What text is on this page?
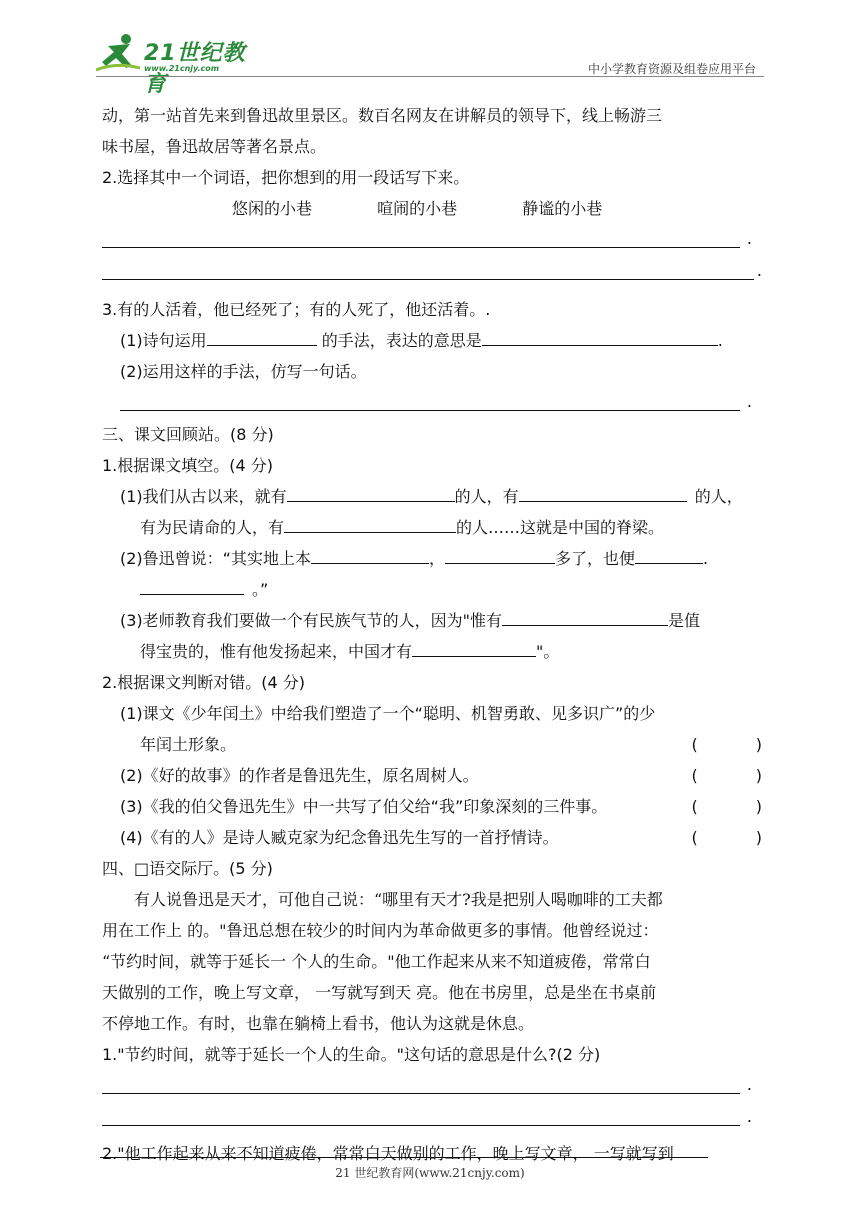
21世纪教育
www.21cnjy.com	中小学教育资源及组卷应用平台
动，第一站首先来到鲁迅故里景区。数百名网友在讲解员的领导下，线上畅游三
味书屋，鲁迅故居等著名景点。
2.选择其中一个词语，把你想到的用一段话写下来。
悠闲的小巷	喧闹的小巷	静谧的小巷
.
.
3.有的人活着，他已经死了；有的人死了，他还活着。.
(1)诗句运用	的手法，表达的意思是	.
(2)运用这样的手法，仿写一句话。
.
三、课文回顾站。(8 分)
1.根据课文填空。(4 分)
(1)我们从古以来，就有	的人，有	的人，
有为民请命的人，有	的人……这就是中国的脊梁。
(2)鲁迅曾说：“其实地上本	，	多了，也便	.
。”
(3)老师教育我们要做一个有民族气节的人，因为"惟有	是值
得宝贵的，惟有他发扬起来，中国才有	"。
2.根据课文判断对错。(4 分)
(1)课文《少年闰土》中给我们塑造了一个“聪明、机智勇敢、见多识广”的少
年闰土形象。	(	)
(2)《好的故事》的作者是鲁迅先生，原名周树人。	(	)
(3)《我的伯父鲁迅先生》中一共写了伯父给“我”印象深刻的三件事。	(	)
(4)《有的人》是诗人臧克家为纪念鲁迅先生写的一首抒情诗。	(	)
四、□语交际厅。(5 分)
有人说鲁迅是天才，可他自己说：“哪里有天才?我是把别人喝咖啡的工夫都
用在工作上 的。"鲁迅总想在较少的时间内为革命做更多的事情。他曾经说过：
“节约时间，就等于延长一 个人的生命。"他工作起来从来不知道疲倦，常常白
天做别的工作，晚上写文章， 一写就写到天 亮。他在书房里，总是坐在书桌前
不停地工作。有时，也靠在躺椅上看书，他认为这就是休息。
1."节约时间，就等于延长一个人的生命。"这句话的意思是什么?(2 分)
.
.
2."他工作起来从来不知道疲倦，常常白天做别的工作，晚上写文章， 一写就写到
21 世纪教育网(www.21cnjy.com)
